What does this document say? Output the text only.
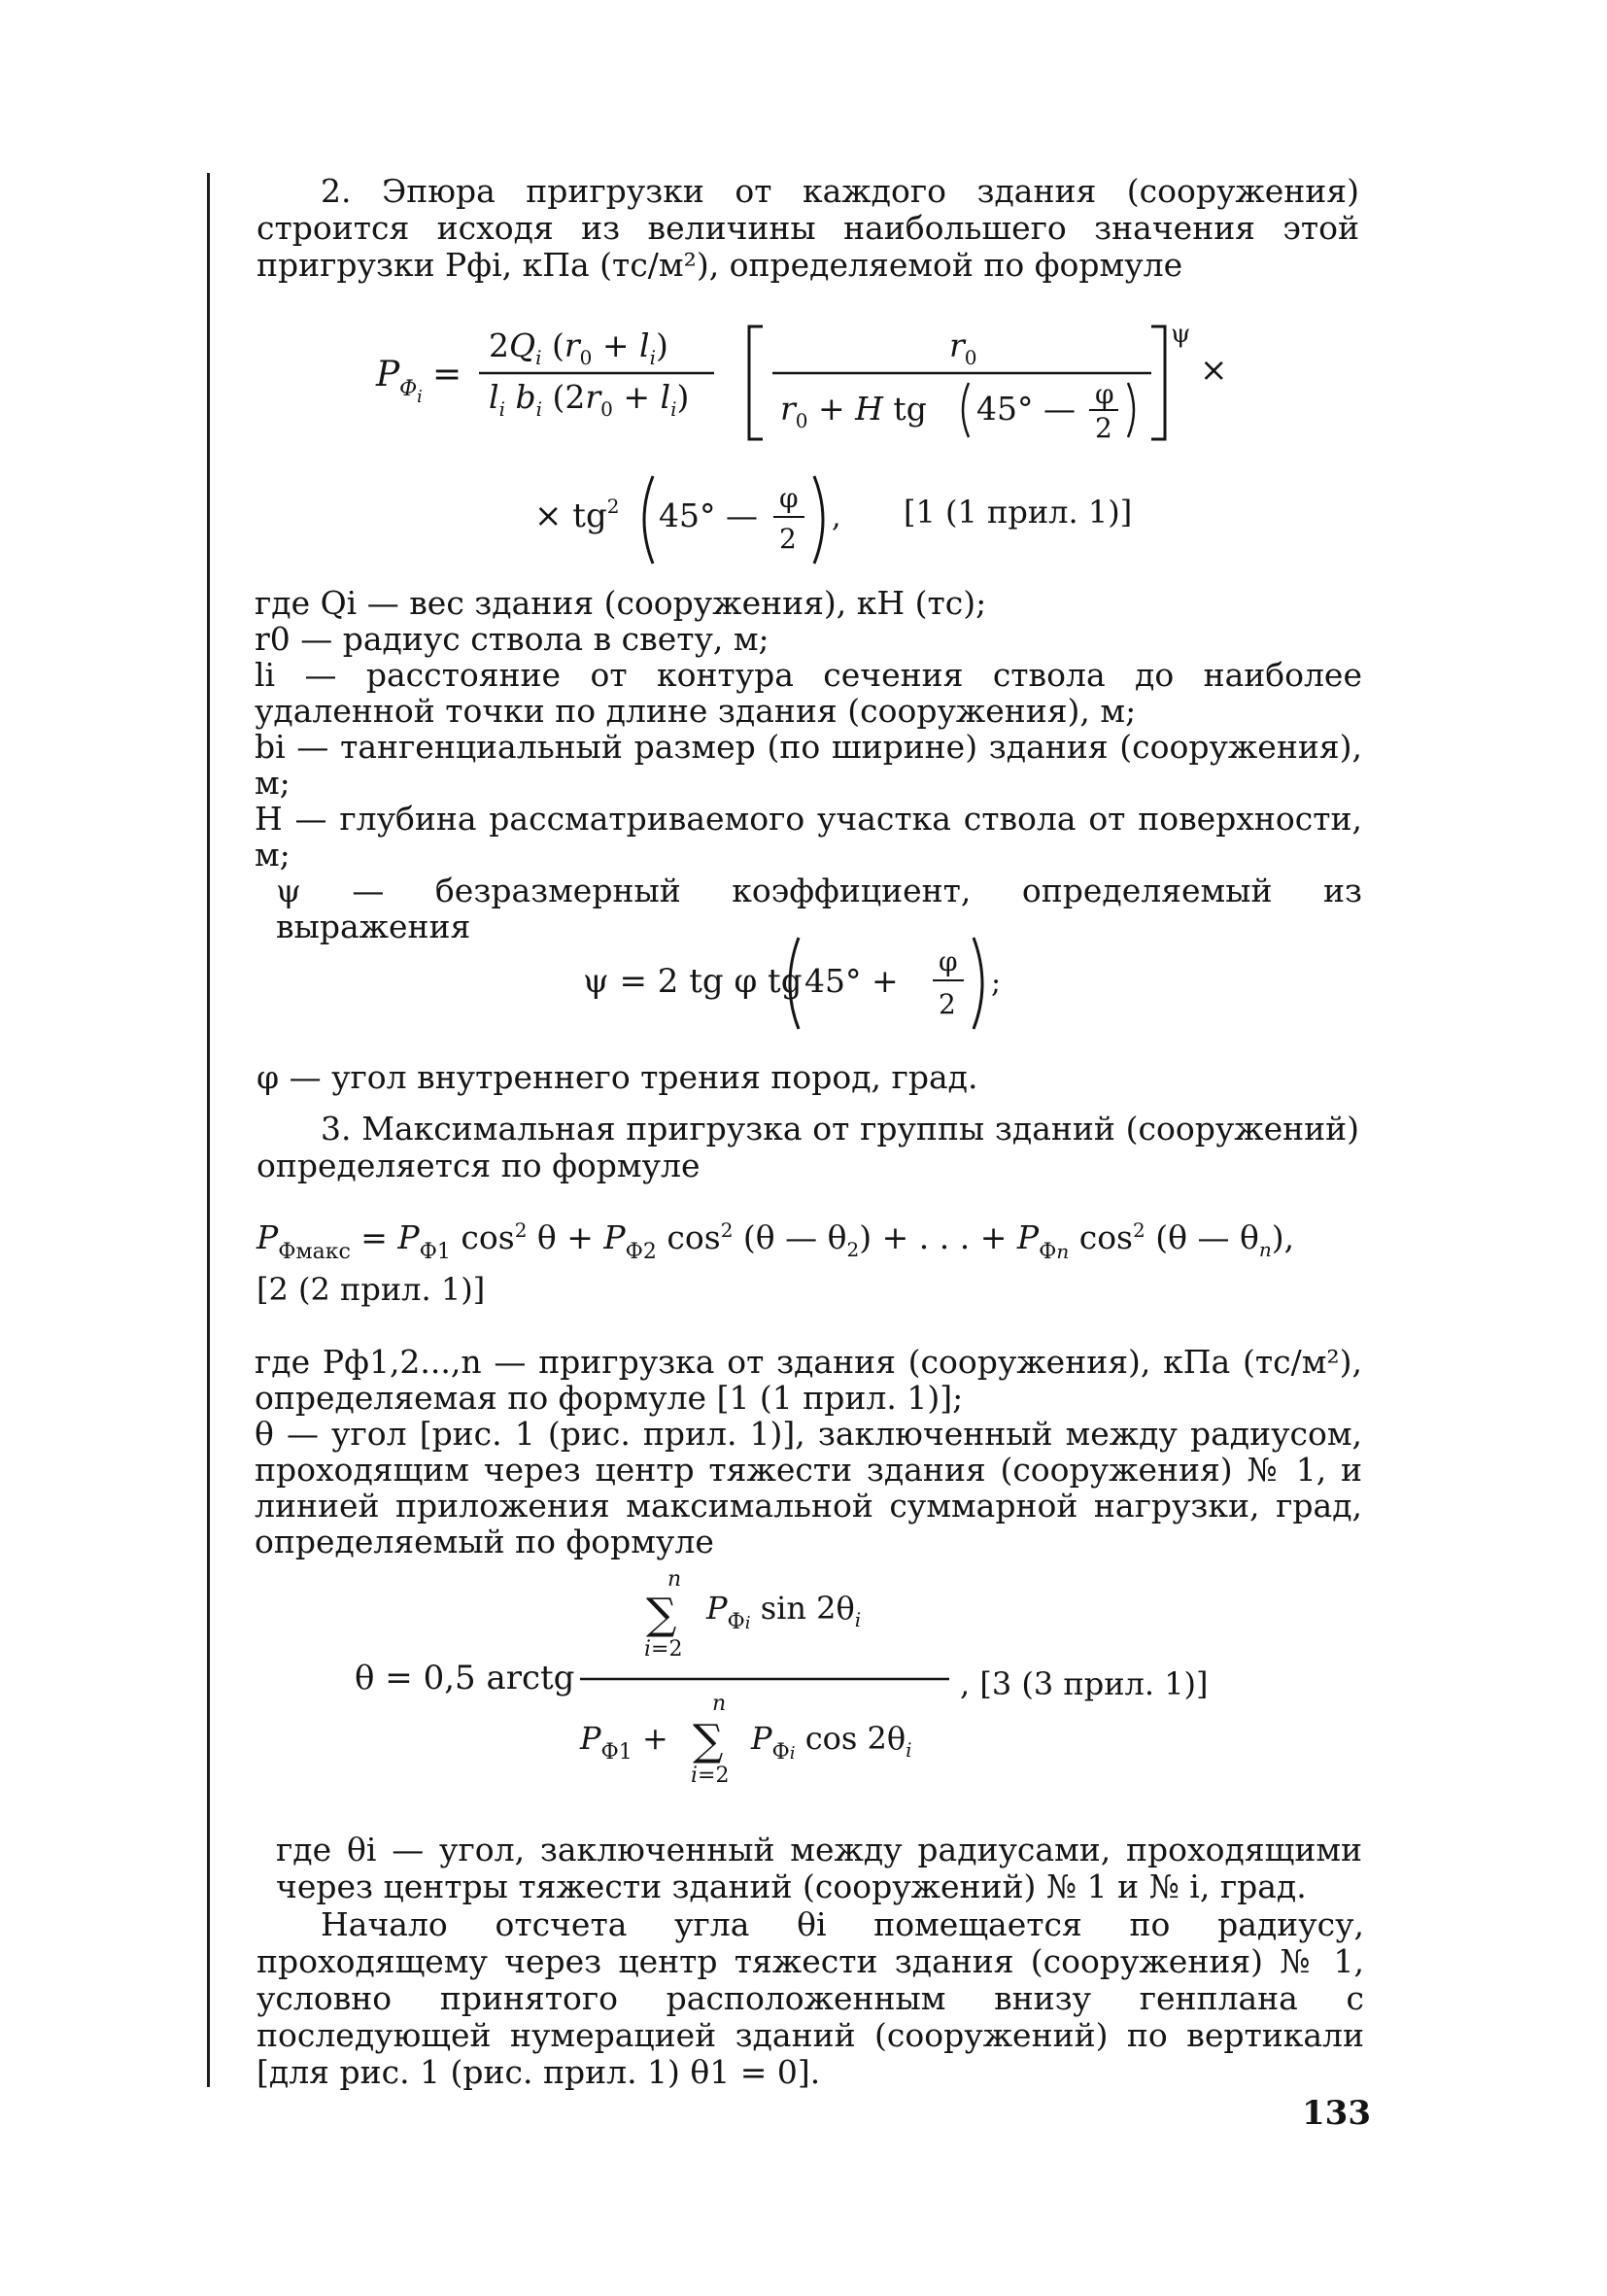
2. Эпюра пригрузки от каждого здания (сооружения) строится исходя из величины наибольшего значения этой пригрузки Pфi, кПа (тс/м²), определяемой по формуле

P Ф i
=
$2Q_i$ $(r_0 + l_i)$
$l_i$ $b_i$ $(2r_0 + l_i)$
$r_0$
$r_0 + H$ tg 45° — φ
2
ψ
×
× $tg^2$ 45° — φ
2
, [1 (1 прил. 1)]

где Qi — вес здания (сооружения), кН (тс);

r0 — радиус ствола в свету, м;

li — расстояние от контура сечения ствола до наиболее удаленной точки по длине здания (сооружения), м;

bi — тангенциальный размер (по ширине) здания (сооружения), м;

H — глубина рассматриваемого участка ствола от поверхности, м;

ψ — безразмерный коэффициент, определяемый из выражения

ψ = 2 tg φ tg 45° +
φ
2
;

φ — угол внутреннего трения пород, град.

3. Максимальная пригрузка от группы зданий (сооружений) определяется по формуле

$P_{Фмакс} = P_{Ф1}$ $\cos^2 \theta + P_{Ф2}$ $\cos^2 (\theta$ — $\theta_2$) + . . . + $P_Фn$ $\cos^2 (\theta$ — $\theta_n$),
[2 (2 прил. 1)]

где Pф1,2...,n — пригрузка от здания (сооружения), кПа (тс/м²), определяемая по формуле [1 (1 прил. 1)];

θ — угол [рис. 1 (рис. прил. 1)], заключенный между радиусом, проходящим через центр тяжести здания (сооружения) № 1, и линией приложения максимальной суммарной нагрузки, град, определяемый по формуле

n
∑ $P_Фi$ $\sin 2\theta_i$
i=2
θ = 0,5 arctg
n
$P_{Ф1}$ + ∑ $P_Фi$ $\cos 2\theta_i$
i=2
, [3 (3 прил. 1)]

где θi — угол, заключенный между радиусами, проходящими через центры тяжести зданий (сооружений) № 1 и № i, град.

Начало отсчета угла θi помещается по радиусу, проходящему через центр тяжести здания (сооружения) № 1, условно принятого расположенным внизу генплана с последующей нумерацией зданий (сооружений) по вертикали [для рис. 1 (рис. прил. 1) θ1 = 0].

133
